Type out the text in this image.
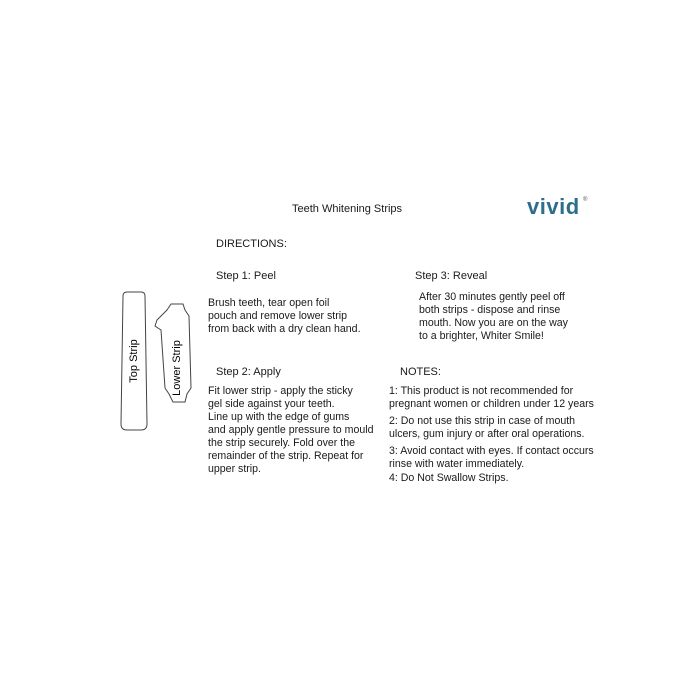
Teeth Whitening Strips	vivid ®
DIRECTIONS:
Top Strip	Lower Strip
Step 1: Peel
Brush teeth, tear open foil
pouch and remove lower strip
from back with a dry clean hand.
Step 2: Apply
Fit lower strip - apply the sticky
gel side against your teeth.
Line up with the edge of gums
and apply gentle pressure to mould
the strip securely. Fold over the
remainder of the strip. Repeat for
upper strip.
Step 3: Reveal
After 30 minutes gently peel off
both strips - dispose and rinse
mouth. Now you are on the way
to a brighter, Whiter Smile!
NOTES:
1: This product is not recommended for
pregnant women or children under 12 years
2: Do not use this strip in case of mouth
ulcers, gum injury or after oral operations.
3: Avoid contact with eyes. If contact occurs
rinse with water immediately.
4: Do Not Swallow Strips.
